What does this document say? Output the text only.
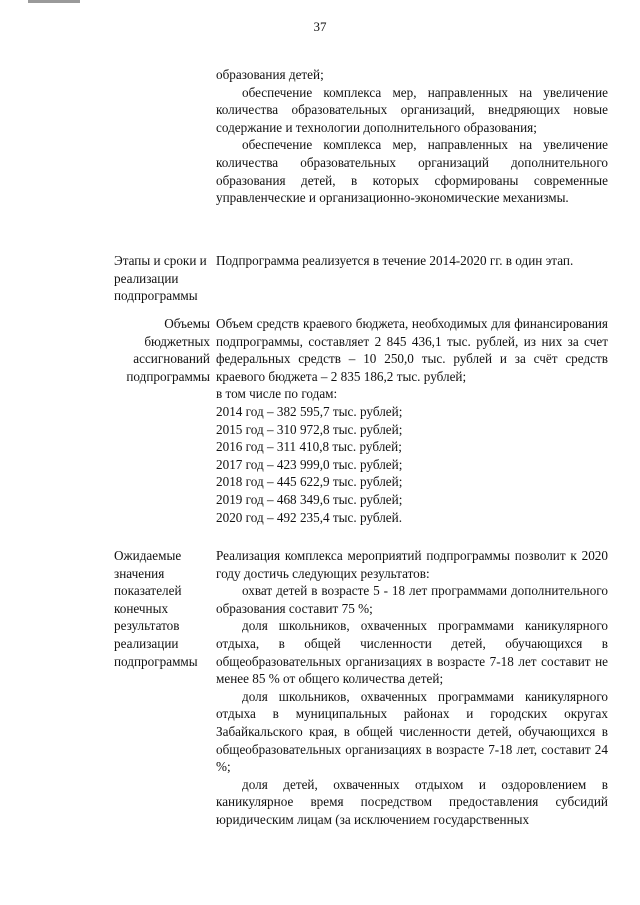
37

образования детей;

обеспечение комплекса мер, направленных на увеличение количества образовательных организаций, внедряющих новые содержание и технологии дополнительного образования;

обеспечение комплекса мер, направленных на увеличение количества образовательных организаций дополнительного образования детей, в которых сформированы современные управленческие и организационно-экономические механизмы.

Этапы и сроки и реализации подпрограммы

Подпрограмма реализуется в течение 2014-2020 гг. в один этап.

Объемы бюджетных ассигнований подпрограммы

Объем средств краевого бюджета, необходимых для финансирования подпрограммы, составляет 2 845 436,1 тыс. рублей, из них за счет федеральных средств – 10 250,0 тыс. рублей и за счёт средств краевого бюджета – 2 835 186,2 тыс. рублей;

в том числе по годам:

2014 год – 382 595,7 тыс. рублей;

2015 год – 310 972,8 тыс. рублей;

2016 год – 311 410,8 тыс. рублей;

2017 год – 423 999,0 тыс. рублей;

2018 год – 445 622,9 тыс. рублей;

2019 год – 468 349,6 тыс. рублей;

2020 год – 492 235,4 тыс. рублей.

Ожидаемые значения показателей конечных результатов реализации подпрограммы

Реализация комплекса мероприятий подпрограммы позволит к 2020 году достичь следующих результатов:

охват детей в возрасте 5 - 18 лет программами дополнительного образования составит 75 %;

доля школьников, охваченных программами каникулярного отдыха, в общей численности детей, обучающихся в общеобразовательных организациях в возрасте 7-18 лет составит не менее 85 % от общего количества детей;

доля школьников, охваченных программами каникулярного отдыха в муниципальных районах и городских округах Забайкальского края, в общей численности детей, обучающихся в общеобразовательных организациях в возрасте 7-18 лет, составит 24 %;

доля детей, охваченных отдыхом и оздоровлением в каникулярное время посредством предоставления субсидий юридическим лицам (за исключением государственных
